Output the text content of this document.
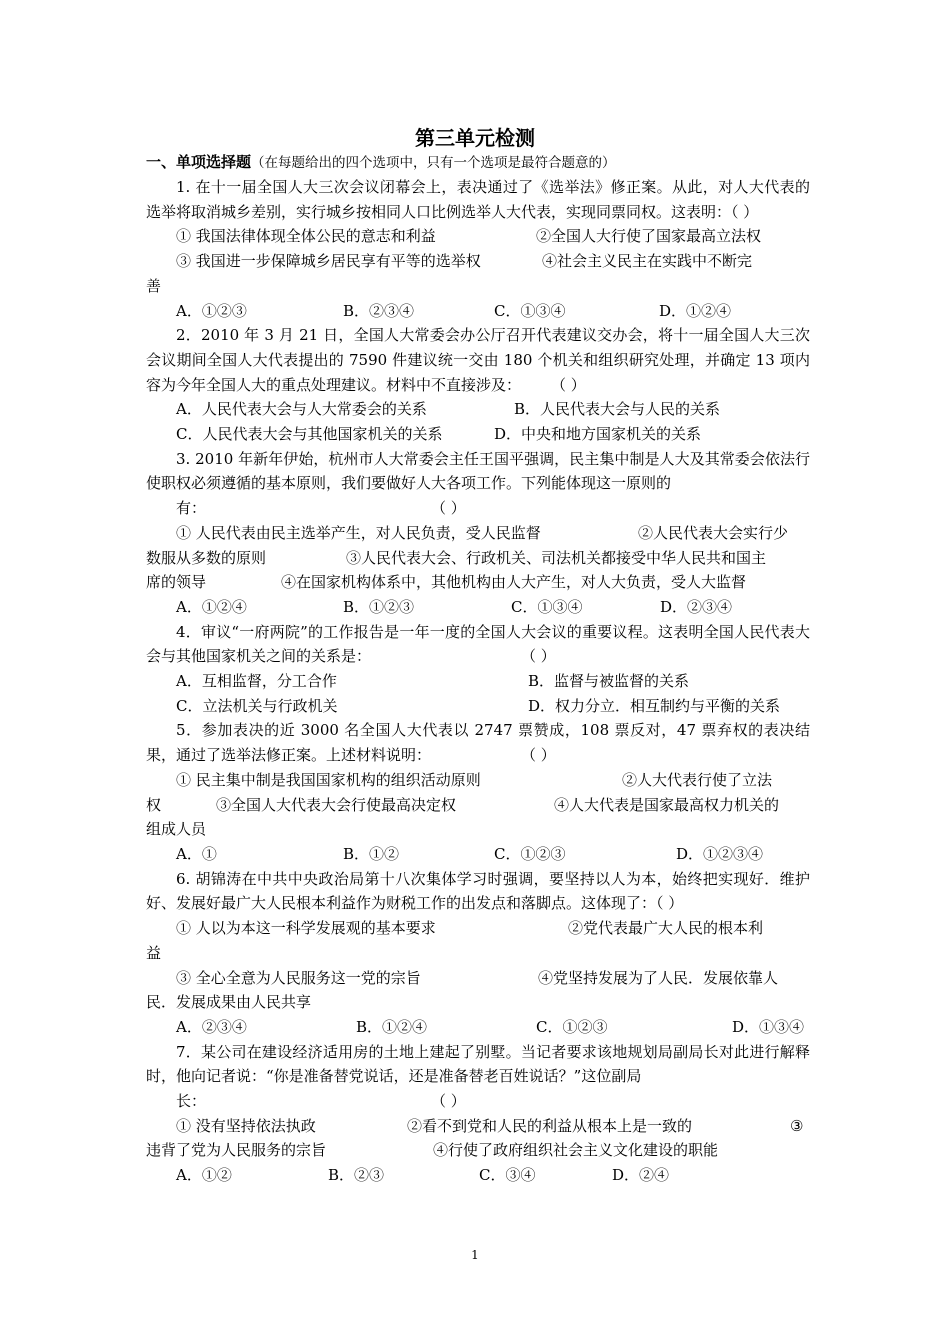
第三单元检测
一、单项选择题（在每题给出的四个选项中，只有一个选项是最符合题意的）

1. 在十一届全国人大三次会议闭幕会上，表决通过了《选举法》修正案。从此，对人大代表的选举将取消城乡差别，实行城乡按相同人口比例选举人大代表，实现同票同权。这表明：（ ）

① 我国法律体现全体公民的意志和利益	②全国人大行使了国家最高立法权
③ 我国进一步保障城乡居民享有平等的选举权	④社会主义民主在实践中不断完

善

A．①②③	B．②③④	C．①③④	D．①②④

2．2010 年 3 月 21 日，全国人大常委会办公厅召开代表建议交办会，将十一届全国人大三次会议期间全国人大代表提出的 7590 件建议统一交由 180 个机关和组织研究处理，并确定 13 项内容为今年全国人大的重点处理建议。材料中不直接涉及：　　　（ ）

A．人民代表大会与人大常委会的关系	B．人民代表大会与人民的关系
C．人民代表大会与其他国家机关的关系	D．中央和地方国家机关的关系

3. 2010 年新年伊始，杭州市人大常委会主任王国平强调，民主集中制是人大及其常委会依法行使职权必须遵循的基本原则，我们要做好人大各项工作。下列能体现这一原则的

有：　　　　　　　　　　　　　　　　（ ）

① 人民代表由民主选举产生，对人民负责，受人民监督	②人民代表大会实行少

数服从多数的原则	③人民代表大会、行政机关、司法机关都接受中华人民共和国主

席的领导	④在国家机构体系中，其他机构由人大产生，对人大负责，受人大监督

A．①②④	B．①②③	C．①③④	D．②③④

4．审议“一府两院”的工作报告是一年一度的全国人大会议的重要议程。这表明全国人民代表大会与其他国家机关之间的关系是：　　　　　　　　　　　（ ）

A．互相监督，分工合作	B．监督与被监督的关系
C．立法机关与行政机关	D．权力分立．相互制约与平衡的关系

5．参加表决的近 3000 名全国人大代表以 2747 票赞成，108 票反对，47 票弃权的表决结果，通过了选举法修正案。上述材料说明：　　　　　　　（ ）

① 民主集中制是我国国家机构的组织活动原则	②人大代表行使了立法

权	③全国人大代表大会行使最高决定权	④人大代表是国家最高权力机关的

组成人员

A．①	B．①②	C．①②③	D．①②③④

6. 胡锦涛在中共中央政治局第十八次集体学习时强调，要坚持以人为本，始终把实现好．维护好、发展好最广大人民根本利益作为财税工作的出发点和落脚点。这体现了：（ ）

① 人以为本这一科学发展观的基本要求	②党代表最广大人民的根本利

益

③ 全心全意为人民服务这一党的宗旨	④党坚持发展为了人民．发展依靠人

民．发展成果由人民共享

A．②③④	B．①②④	C．①②③	D．①③④

7．某公司在建设经济适用房的土地上建起了别墅。当记者要求该地规划局副局长对此进行解释时，他向记者说：“你是准备替党说话，还是准备替老百姓说话？”这位副局

长：　　　　　　　　　　　　　　　　（ ）

① 没有坚持依法执政	②看不到党和人民的利益从根本上是一致的	③

违背了党为人民服务的宗旨	④行使了政府组织社会主义文化建设的职能

A．①②	B．②③	C．③④	D．②④
1
